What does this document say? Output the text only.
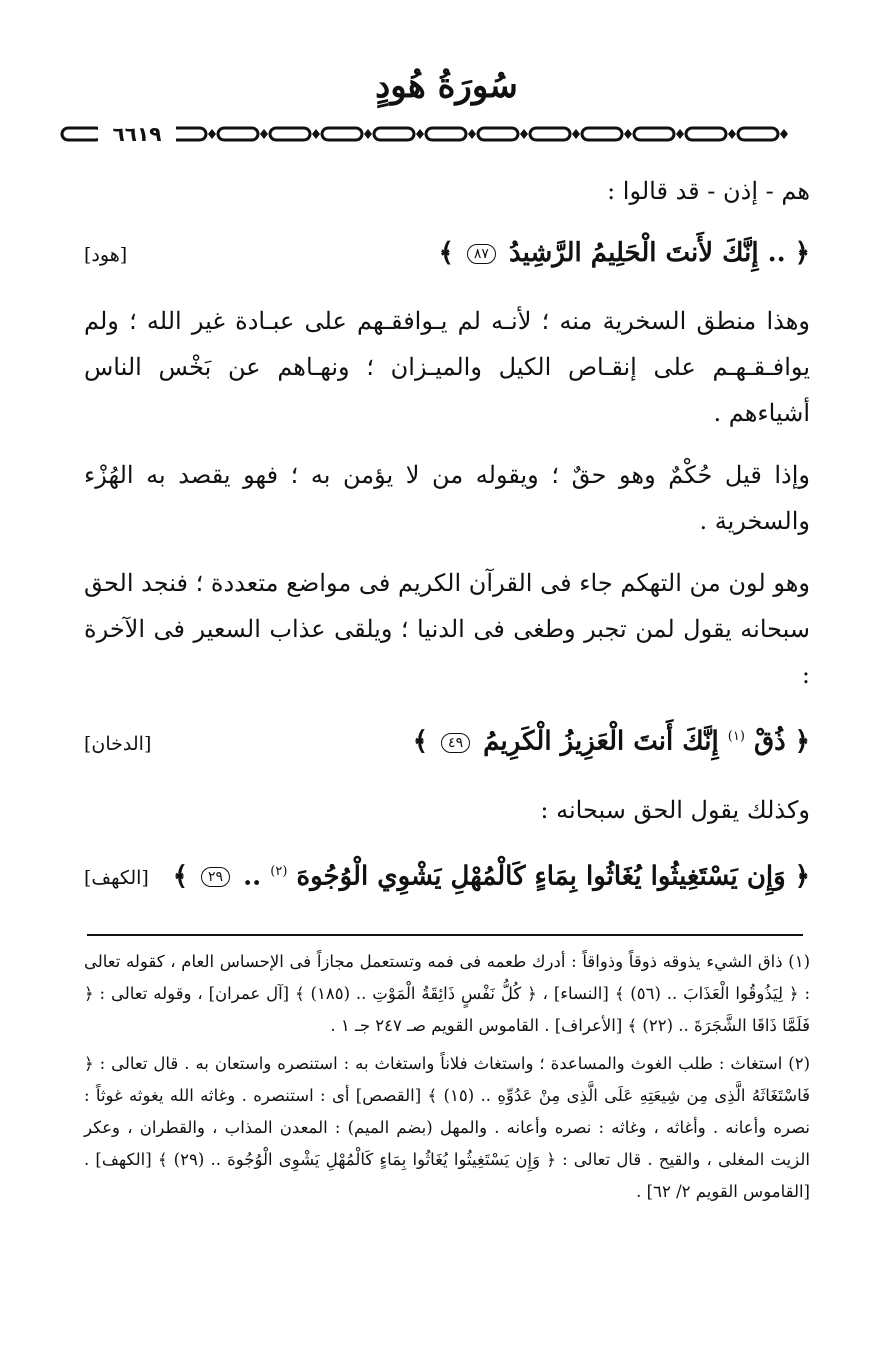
سُورَةُ هُودٍ
٦٦١٩

هم - إذن - قد قالوا :

﴿ .. إِنَّكَ لأَنتَ الْحَلِيمُ الرَّشِيدُ ٨٧ ﴾
[هود]

وهذا منطق السخرية منه ؛ لأنـه لم يـوافقـهم على عبـادة غير الله ؛ ولم يوافـقـهـم على إنقـاص الكيل والميـزان ؛ ونهـاهم عن بَخْس الناس أشياءهم .

وإذا قيل حُكْمٌ وهو حقٌ ؛ ويقوله من لا يؤمن به ؛ فهو يقصد به الهُزْء والسخرية .

وهو لون من التهكم جاء فى القرآن الكريم فى مواضع متعددة ؛ فنجد الحق سبحانه يقول لمن تجبر وطغى فى الدنيا ؛ ويلقى عذاب السعير فى الآخرة :

﴿ ذُقْ $^{(١)}$ إِنَّكَ أَنتَ الْعَزِيزُ الْكَرِيمُ ٤٩ ﴾
[الدخان]

وكذلك يقول الحق سبحانه :

﴿ وَإِن يَسْتَغِيثُوا يُغَاثُوا بِمَاءٍ كَالْمُهْلِ يَشْوِي الْوُجُوهَ $^{(٢)}$ .. ٢٩ ﴾
[الكهف]

(١) ذاق الشيء يذوقه ذوقاً وذواقاً : أدرك طعمه فى فمه وتستعمل مجازاً فى الإحساس العام ، كقوله تعالى : ﴿ لِيَذُوقُوا الْعَذَابَ .. (٥٦) ﴾ [النساء] ، ﴿ كُلُّ نَفْسٍ ذَائِقَةُ الْمَوْتِ .. (١٨٥) ﴾ [آل عمران] ، وقوله تعالى : ﴿ فَلَمَّا ذَاقَا الشَّجَرَةَ .. (٢٢) ﴾ [الأعراف] . القاموس القويم صـ ٢٤٧ جـ ١ .

(٢) استغاث : طلب الغوث والمساعدة ؛ واستغاث فلاناً واستغاث به : استنصره واستعان به . قال تعالى : ﴿ فَاسْتَغَاثَهُ الَّذِى مِن شِيعَتِهِ عَلَى الَّذِى مِنْ عَدُوِّهِ .. (١٥) ﴾ [القصص] أى : استنصره . وغاثه الله يغوثه غوثاً : نصره وأعانه . وأغاثه ، وغاثه : نصره وأعانه . والمهل (بضم الميم) : المعدن المذاب ، والقطران ، وعكر الزيت المغلى ، والقيح . قال تعالى : ﴿ وَإِن يَسْتَغِيثُوا يُغَاثُوا بِمَاءٍ كَالْمُهْلِ يَشْوِى الْوُجُوهَ .. (٢٩) ﴾ [الكهف] . [القاموس القويم ٢/ ٦٢] .
